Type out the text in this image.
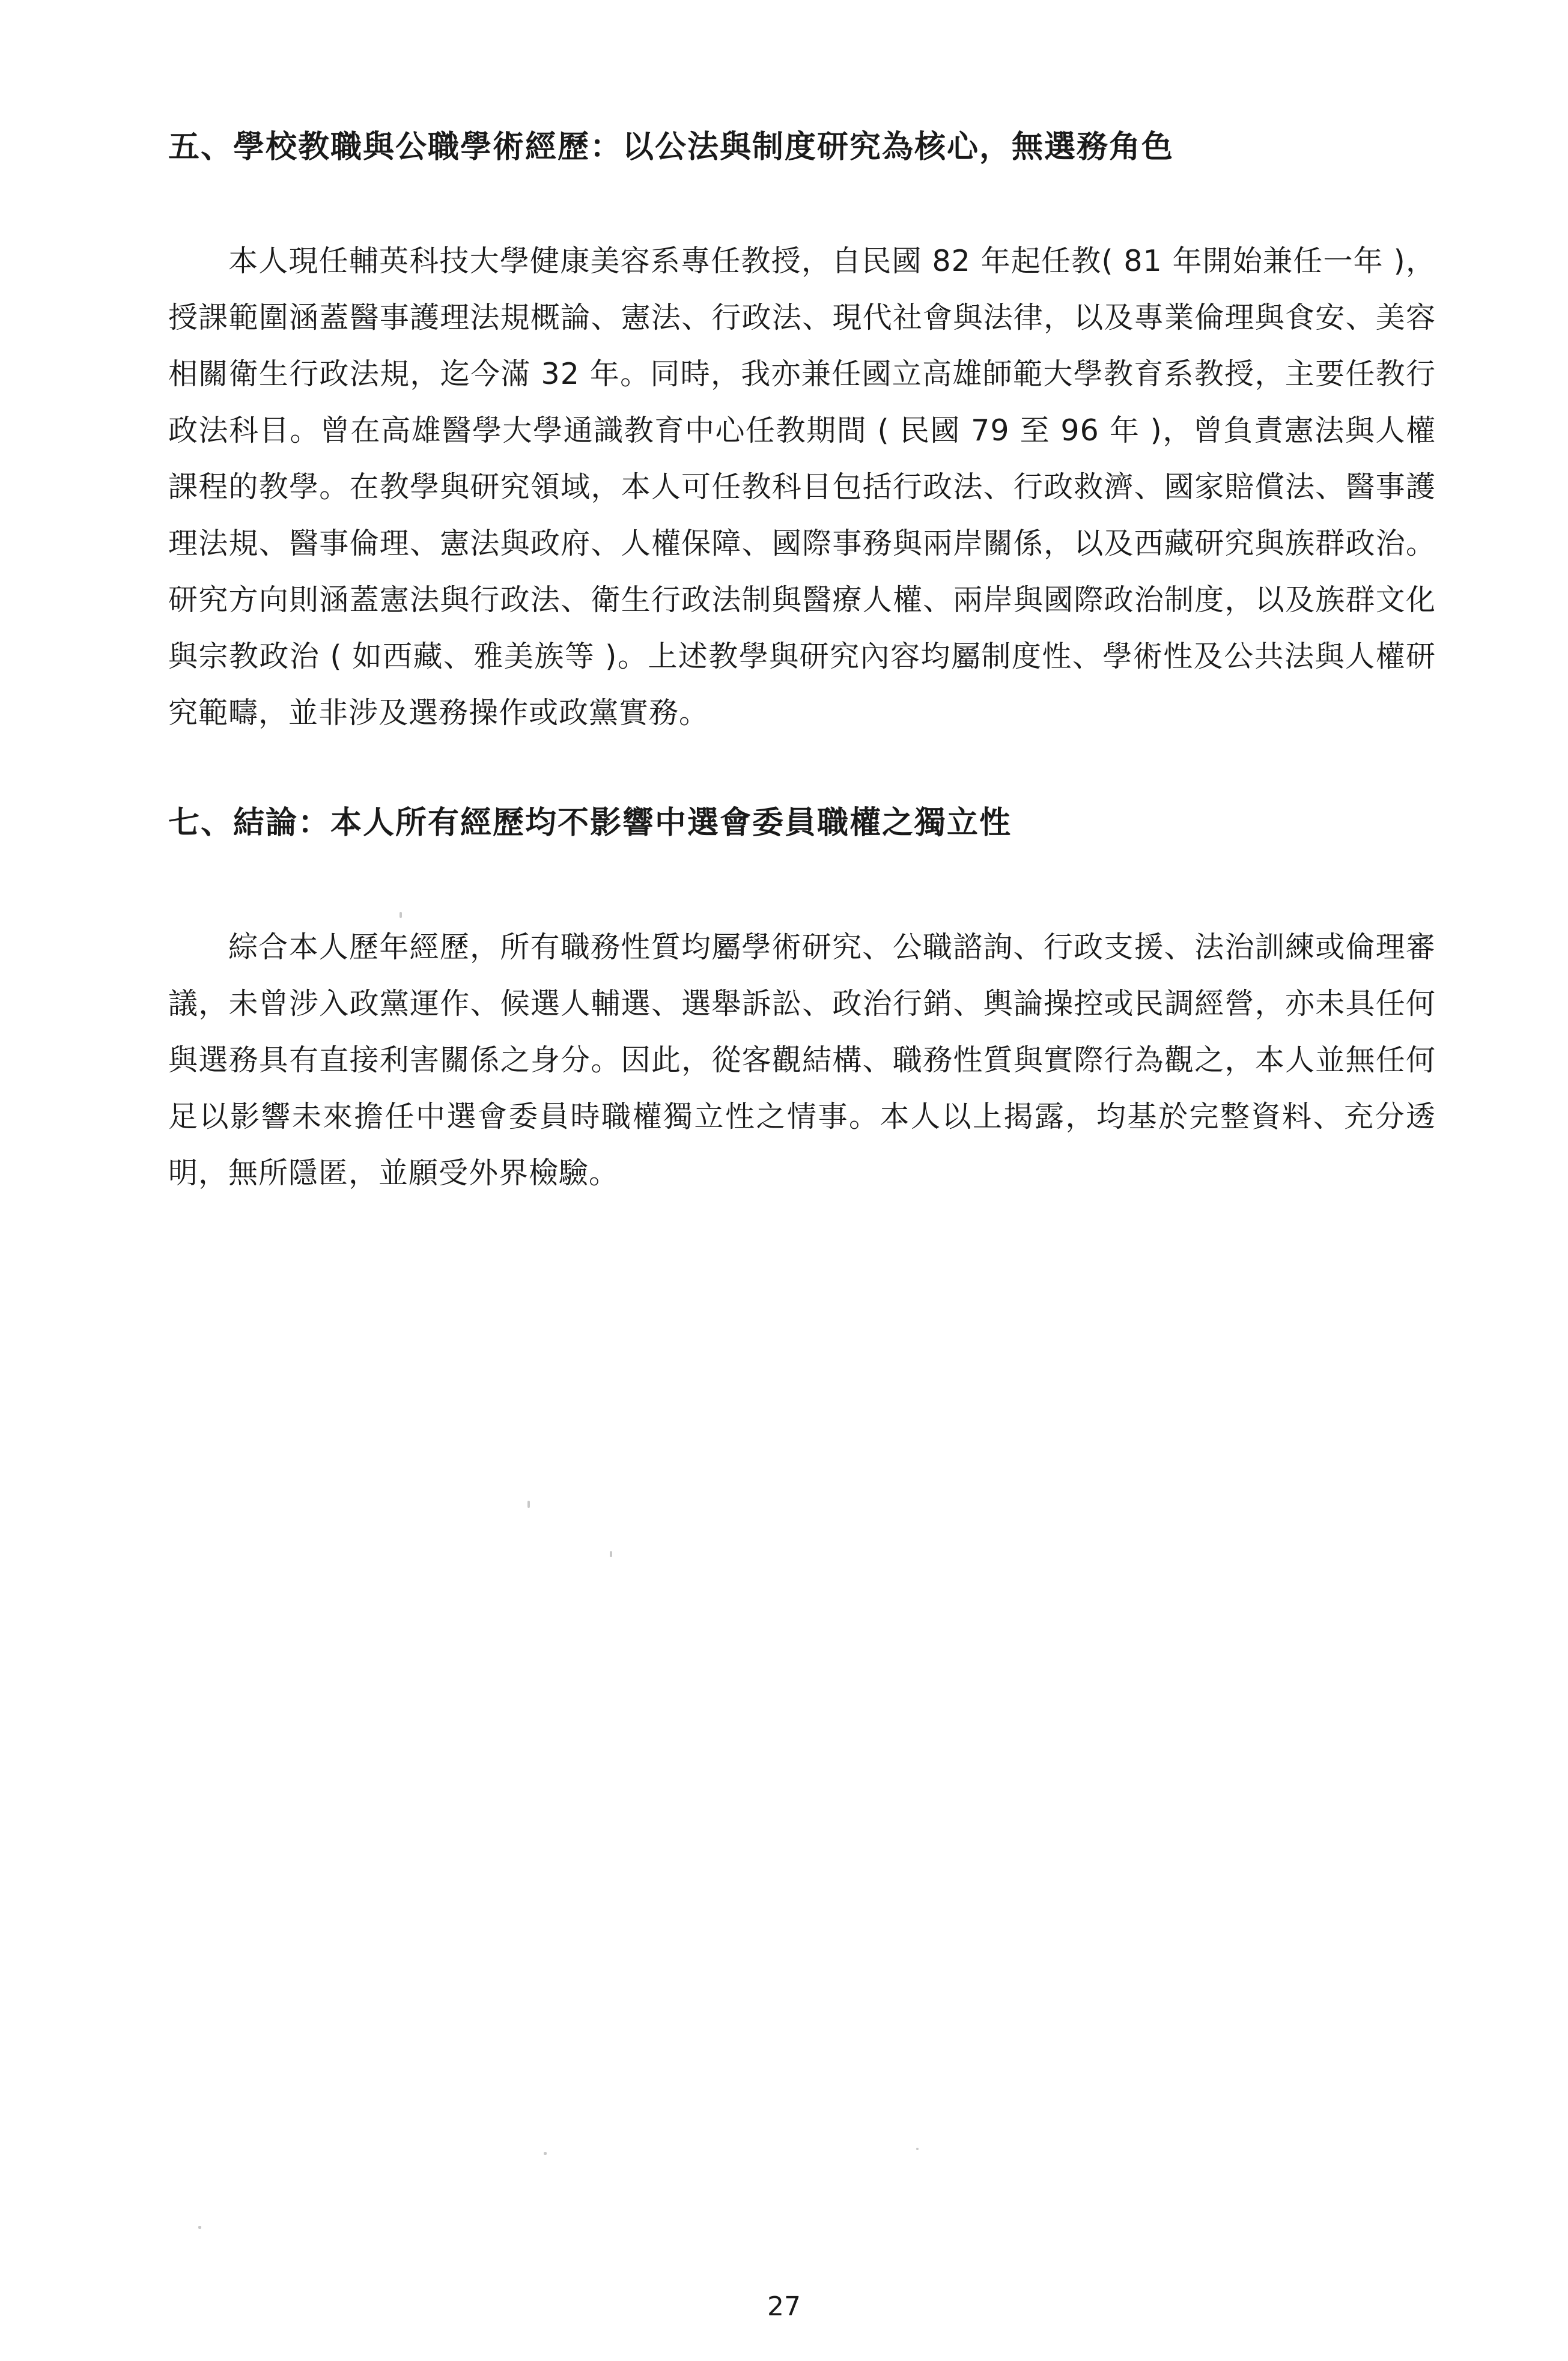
五、學校教職與公職學術經歷：以公法與制度研究為核心，無選務角色

本人現任輔英科技大學健康美容系專任教授，自民國 82 年起任教( 81 年開始兼任一年 )，授課範圍涵蓋醫事護理法規概論、憲法、行政法、現代社會與法律，以及專業倫理與食安、美容相關衛生行政法規，迄今滿 32 年。同時，我亦兼任國立高雄師範大學教育系教授，主要任教行政法科目。曾在高雄醫學大學通識教育中心任教期間 ( 民國 79 至 96 年 )，曾負責憲法與人權課程的教學。在教學與研究領域，本人可任教科目包括行政法、行政救濟、國家賠償法、醫事護理法規、醫事倫理、憲法與政府、人權保障、國際事務與兩岸關係，以及西藏研究與族群政治。研究方向則涵蓋憲法與行政法、衛生行政法制與醫療人權、兩岸與國際政治制度，以及族群文化與宗教政治 ( 如西藏、雅美族等 )。上述教學與研究內容均屬制度性、學術性及公共法與人權研究範疇，並非涉及選務操作或政黨實務。

七、結論：本人所有經歷均不影響中選會委員職權之獨立性

綜合本人歷年經歷，所有職務性質均屬學術研究、公職諮詢、行政支援、法治訓練或倫理審議，未曾涉入政黨運作、候選人輔選、選舉訴訟、政治行銷、輿論操控或民調經營，亦未具任何與選務具有直接利害關係之身分。因此，從客觀結構、職務性質與實際行為觀之，本人並無任何足以影響未來擔任中選會委員時職權獨立性之情事。本人以上揭露，均基於完整資料、充分透明，無所隱匿，並願受外界檢驗。

27
